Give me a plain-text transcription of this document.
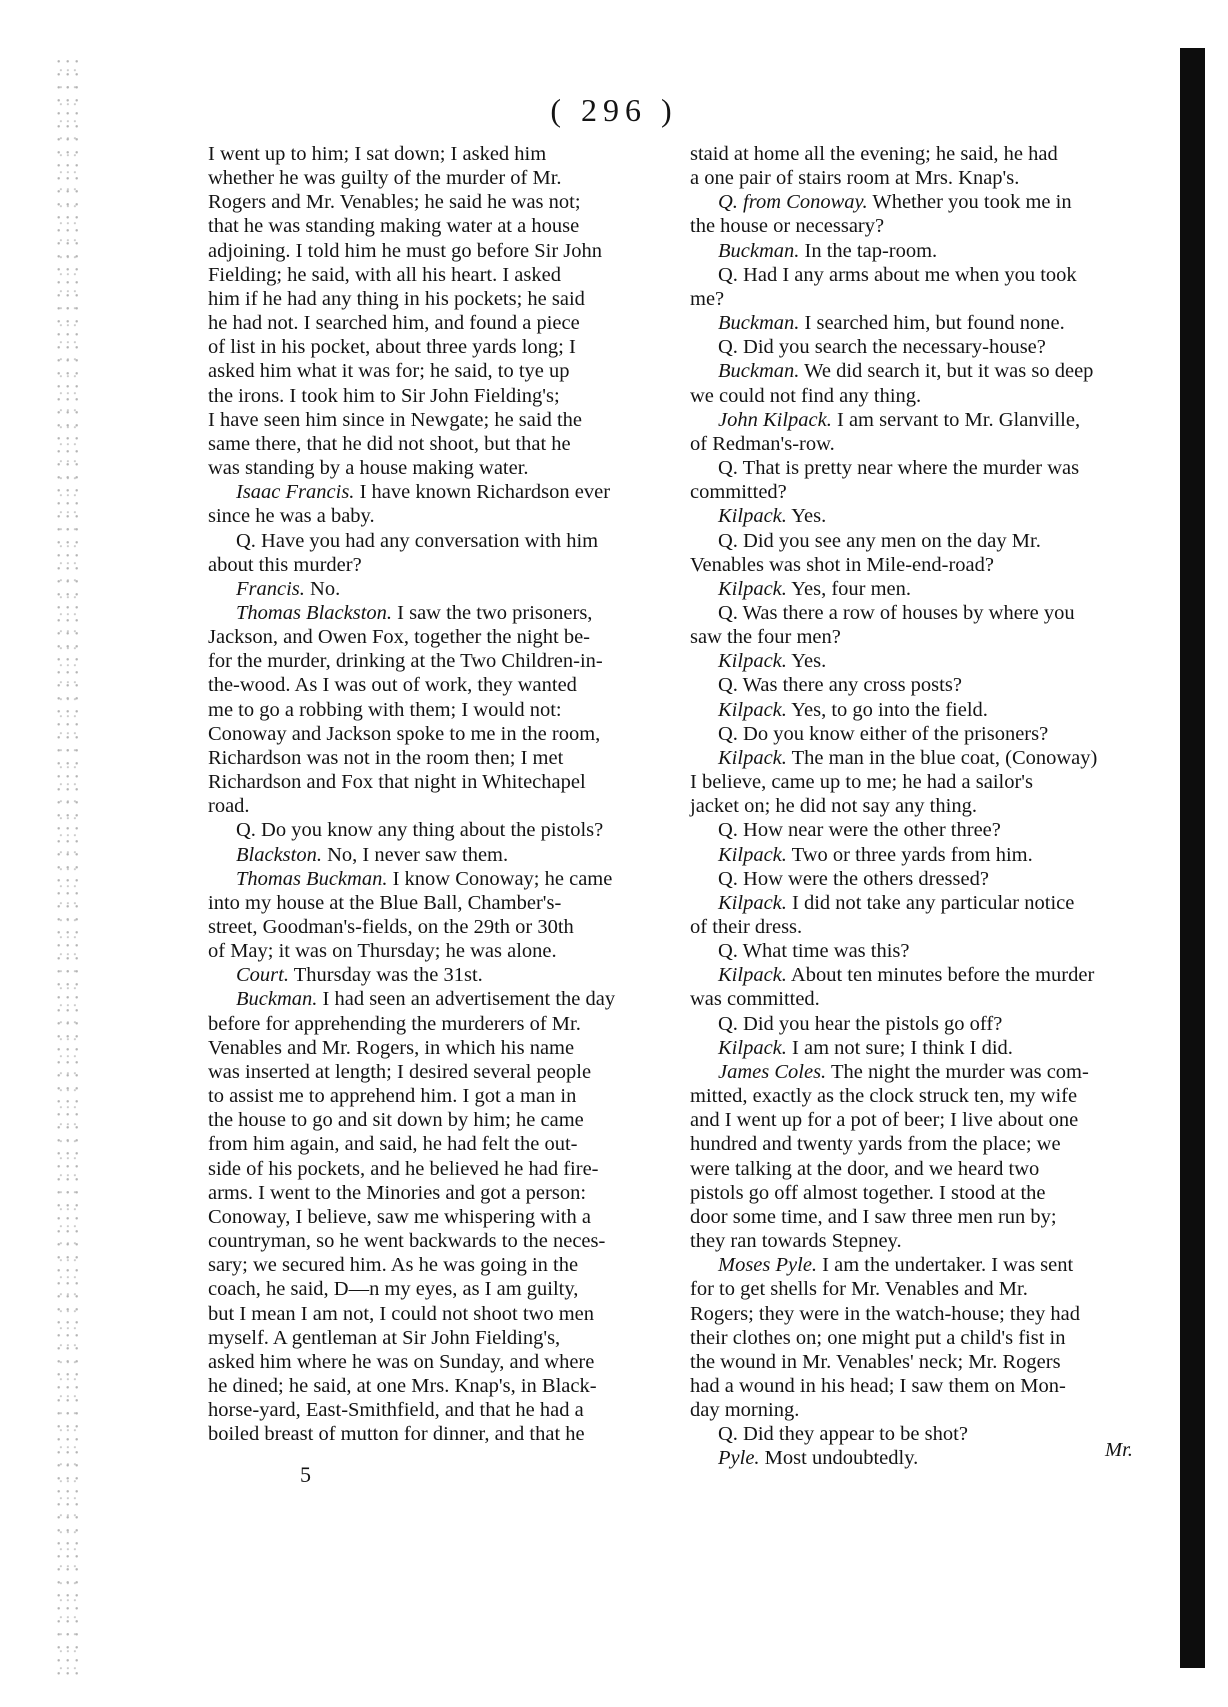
( 296 )

I went up to him; I sat down; I asked him

whether he was guilty of the murder of Mr.

Rogers and Mr. Venables; he said he was not;

that he was standing making water at a house

adjoining. I told him he must go before Sir John

Fielding; he said, with all his heart. I asked

him if he had any thing in his pockets; he said

he had not. I searched him, and found a piece

of list in his pocket, about three yards long; I

asked him what it was for; he said, to tye up

the irons. I took him to Sir John Fielding's;

I have seen him since in Newgate; he said the

same there, that he did not shoot, but that he

was standing by a house making water.

Isaac Francis. I have known Richardson ever

since he was a baby.

Q. Have you had any conversation with him

about this murder?

Francis. No.

Thomas Blackston. I saw the two prisoners,

Jackson, and Owen Fox, together the night be-

for the murder, drinking at the Two Children-in-

the-wood. As I was out of work, they wanted

me to go a robbing with them; I would not:

Conoway and Jackson spoke to me in the room,

Richardson was not in the room then; I met

Richardson and Fox that night in Whitechapel

road.

Q. Do you know any thing about the pistols?

Blackston. No, I never saw them.

Thomas Buckman. I know Conoway; he came

into my house at the Blue Ball, Chamber's-

street, Goodman's-fields, on the 29th or 30th

of May; it was on Thursday; he was alone.

Court. Thursday was the 31st.

Buckman. I had seen an advertisement the day

before for apprehending the murderers of Mr.

Venables and Mr. Rogers, in which his name

was inserted at length; I desired several people

to assist me to apprehend him. I got a man in

the house to go and sit down by him; he came

from him again, and said, he had felt the out-

side of his pockets, and he believed he had fire-

arms. I went to the Minories and got a person:

Conoway, I believe, saw me whispering with a

countryman, so he went backwards to the neces-

sary; we secured him. As he was going in the

coach, he said, D—n my eyes, as I am guilty,

but I mean I am not, I could not shoot two men

myself. A gentleman at Sir John Fielding's,

asked him where he was on Sunday, and where

he dined; he said, at one Mrs. Knap's, in Black-

horse-yard, East-Smithfield, and that he had a

boiled breast of mutton for dinner, and that he

staid at home all the evening; he said, he had

a one pair of stairs room at Mrs. Knap's.

Q. from Conoway. Whether you took me in

the house or necessary?

Buckman. In the tap-room.

Q. Had I any arms about me when you took

me?

Buckman. I searched him, but found none.

Q. Did you search the necessary-house?

Buckman. We did search it, but it was so deep

we could not find any thing.

John Kilpack. I am servant to Mr. Glanville,

of Redman's-row.

Q. That is pretty near where the murder was

committed?

Kilpack. Yes.

Q. Did you see any men on the day Mr.

Venables was shot in Mile-end-road?

Kilpack. Yes, four men.

Q. Was there a row of houses by where you

saw the four men?

Kilpack. Yes.

Q. Was there any cross posts?

Kilpack. Yes, to go into the field.

Q. Do you know either of the prisoners?

Kilpack. The man in the blue coat, (Conoway)

I believe, came up to me; he had a sailor's

jacket on; he did not say any thing.

Q. How near were the other three?

Kilpack. Two or three yards from him.

Q. How were the others dressed?

Kilpack. I did not take any particular notice

of their dress.

Q. What time was this?

Kilpack. About ten minutes before the murder

was committed.

Q. Did you hear the pistols go off?

Kilpack. I am not sure; I think I did.

James Coles. The night the murder was com-

mitted, exactly as the clock struck ten, my wife

and I went up for a pot of beer; I live about one

hundred and twenty yards from the place; we

were talking at the door, and we heard two

pistols go off almost together. I stood at the

door some time, and I saw three men run by;

they ran towards Stepney.

Moses Pyle. I am the undertaker. I was sent

for to get shells for Mr. Venables and Mr.

Rogers; they were in the watch-house; they had

their clothes on; one might put a child's fist in

the wound in Mr. Venables' neck; Mr. Rogers

had a wound in his head; I saw them on Mon-

day morning.

Q. Did they appear to be shot?

Pyle. Most undoubtedly.

5
Mr.
